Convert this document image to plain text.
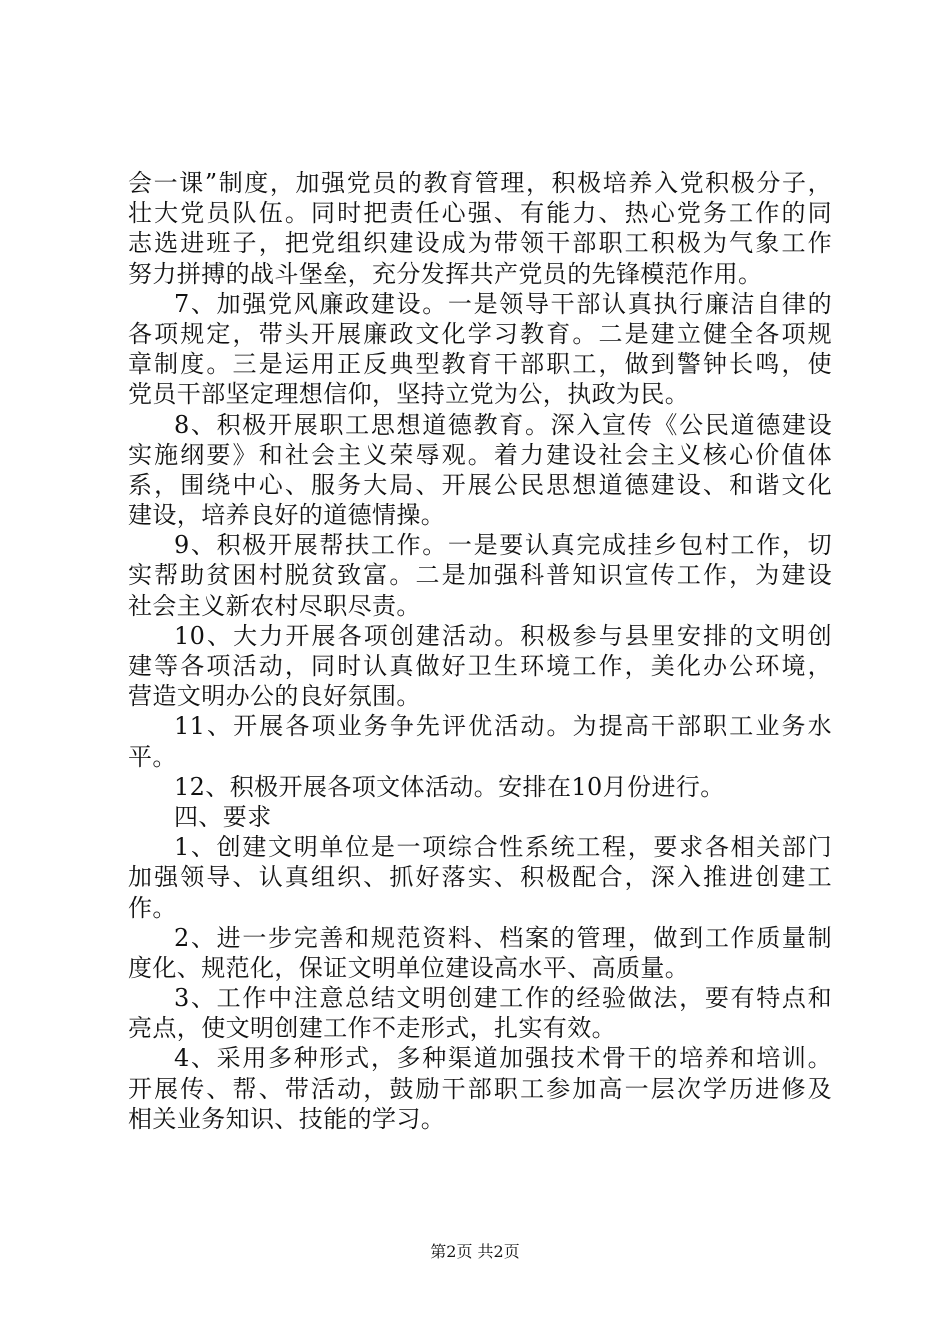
会一课”制度，加强党员的教育管理，积极培养入党积极分子，
壮大党员队伍。同时把责任心强、有能力、热心党务工作的同
志选进班子，把党组织建设成为带领干部职工积极为气象工作
努力拼搏的战斗堡垒，充分发挥共产党员的先锋模范作用。
7、加强党风廉政建设。一是领导干部认真执行廉洁自律的
各项规定，带头开展廉政文化学习教育。二是建立健全各项规
章制度。三是运用正反典型教育干部职工，做到警钟长鸣，使
党员干部坚定理想信仰，坚持立党为公，执政为民。
8、积极开展职工思想道德教育。深入宣传《公民道德建设
实施纲要》和社会主义荣辱观。着力建设社会主义核心价值体
系，围绕中心、服务大局、开展公民思想道德建设、和谐文化
建设，培养良好的道德情操。
9、积极开展帮扶工作。一是要认真完成挂乡包村工作，切
实帮助贫困村脱贫致富。二是加强科普知识宣传工作，为建设
社会主义新农村尽职尽责。
10、大力开展各项创建活动。积极参与县里安排的文明创
建等各项活动，同时认真做好卫生环境工作，美化办公环境，
营造文明办公的良好氛围。
11、开展各项业务争先评优活动。为提高干部职工业务水
平。
12、积极开展各项文体活动。安排在10月份进行。
四、要求
1、创建文明单位是一项综合性系统工程，要求各相关部门
加强领导、认真组织、抓好落实、积极配合，深入推进创建工
作。
2、进一步完善和规范资料、档案的管理，做到工作质量制
度化、规范化，保证文明单位建设高水平、高质量。
3、工作中注意总结文明创建工作的经验做法，要有特点和
亮点，使文明创建工作不走形式，扎实有效。
4、采用多种形式，多种渠道加强技术骨干的培养和培训。
开展传、帮、带活动，鼓励干部职工参加高一层次学历进修及
相关业务知识、技能的学习。
第2页 共2页
